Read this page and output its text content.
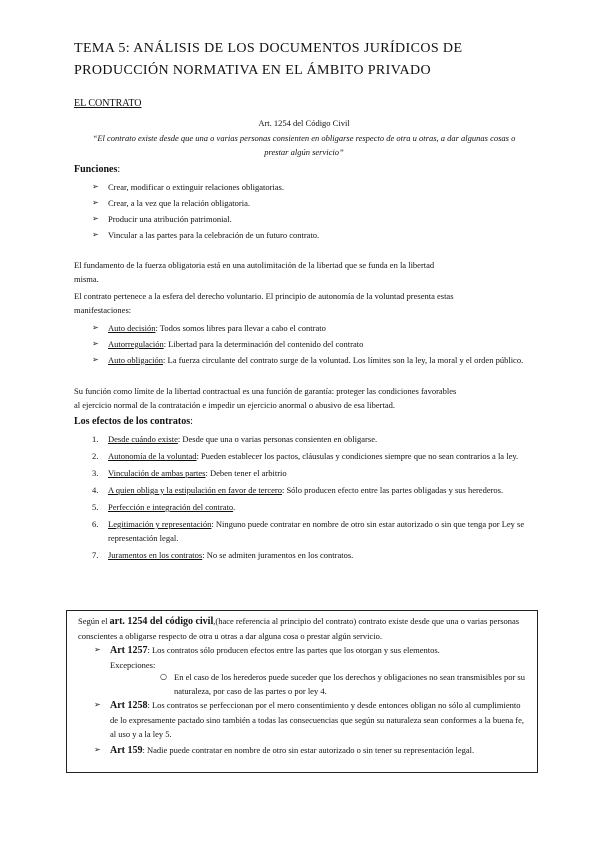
TEMA 5: ANÁLISIS DE LOS DOCUMENTOS JURÍDICOS DE
PRODUCCIÓN NORMATIVA EN EL ÁMBITO PRIVADO
EL CONTRATO
Art. 1254 del Código Civil
“El contrato existe desde que una o varias personas consienten en obligarse respecto de otra u otras, a dar algunas cosas o
prestar algún servicio”
Funciones:
➢ Crear, modificar o extinguir relaciones obligatorias.
➢ Crear, a la vez que la relación obligatoria.
➢ Producir una atribución patrimonial.
➢ Vincular a las partes para la celebración de un futuro contrato.
El fundamento de la fuerza obligatoria está en una autolimitación de la libertad que se funda en la libertad
misma.
El contrato pertenece a la esfera del derecho voluntario. El principio de autonomía de la voluntad presenta estas
manifestaciones:
➢ Auto decisión: Todos somos libres para llevar a cabo el contrato
➢ Autorregulación: Libertad para la determinación del contenido del contrato
➢ Auto obligación: La fuerza circulante del contrato surge de la voluntad. Los límites son la ley, la moral y el orden público.
Su función como límite de la libertad contractual es una función de garantía: proteger las condiciones favorables
al ejercicio normal de la contratación e impedir un ejercicio anormal o abusivo de esa libertad.
Los efectos de los contratos:
1. Desde cuándo existe: Desde que una o varias personas consienten en obligarse.
2. Autonomía de la voluntad: Pueden establecer los pactos, cláusulas y condiciones siempre que no sean contrarios a la ley.
3. Vinculación de ambas partes: Deben tener el arbitrio
4. A quien obliga y la estipulación en favor de tercero: Sólo producen efecto entre las partes obligadas y sus herederos.
5. Perfección e integración del contrato.
6. Legitimación y representación: Ninguno puede contratar en nombre de otro sin estar autorizado o sin que tenga por Ley se representación legal.
7. Juramentos en los contratos: No se admiten juramentos en los contratos.
Según el art. 1254 del código civil,(hace referencia al principio del contrato) contrato existe desde que una o varias personas conscientes a obligarse respecto de otra u otras a dar alguna cosa o prestar algún servicio.
➢ Art 1257: Los contratos sólo producen efectos entre las partes que los otorgan y sus elementos.
Excepciones:
○ En el caso de los herederos puede suceder que los derechos y obligaciones no sean transmisibles por su naturaleza, por caso de las partes o por ley 4.
➢ Art 1258: Los contratos se perfeccionan por el mero consentimiento y desde entonces obligan no sólo al cumplimiento de lo expresamente pactado sino también a todas las consecuencias que según su naturaleza sean conformes a la buena fe, al uso y a la ley 5.
➢ Art 159: Nadie puede contratar en nombre de otro sin estar autorizado o sin tener su representación legal.
